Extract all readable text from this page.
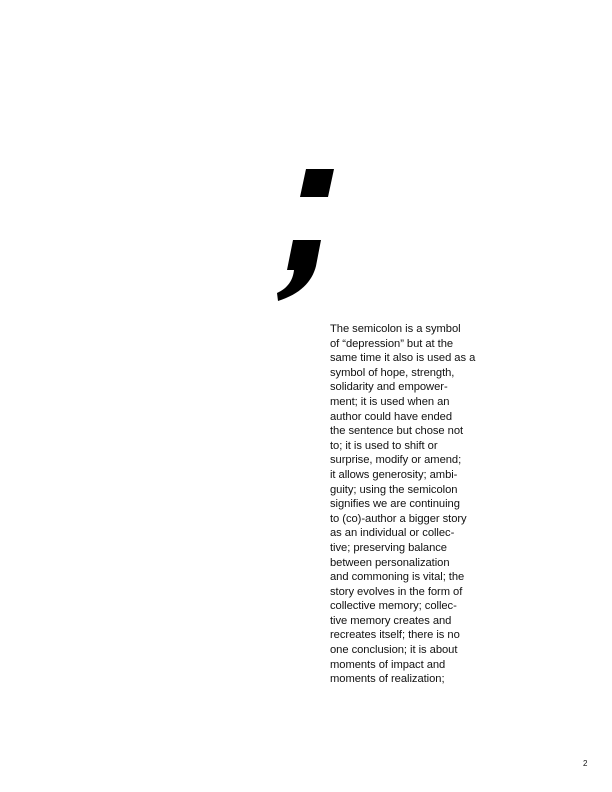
The semicolon is a symbol
of “depression” but at the
same time it also is used as a
symbol of hope, strength,
solidarity and empower-
ment; it is used when an
author could have ended
the sentence but chose not
to; it is used to shift or
surprise, modify or amend;
it allows generosity; ambi-
guity; using the semicolon
signifies we are continuing
to (co)-author a bigger story
as an individual or collec-
tive; preserving balance
between personalization
and commoning is vital; the
story evolves in the form of
collective memory; collec-
tive memory creates and
recreates itself; there is no
one conclusion; it is about
moments of impact and
moments of realization;

2
